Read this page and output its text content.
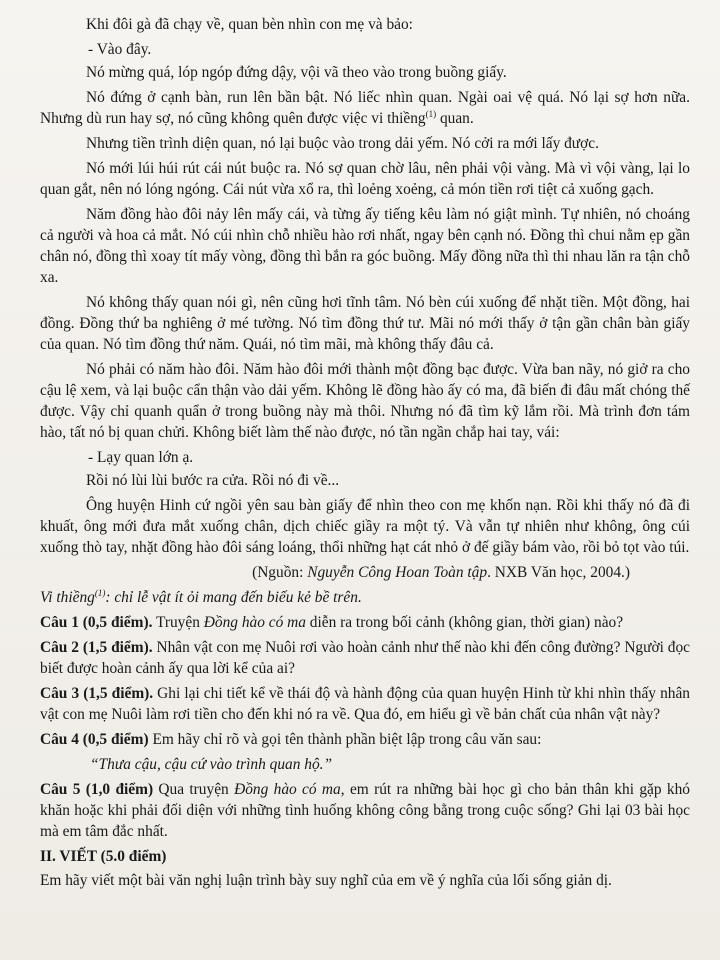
Khi đôi gà đã chạy về, quan bèn nhìn con mẹ và bảo:

- Vào đây.

Nó mừng quá, lóp ngóp đứng dậy, vội vã theo vào trong buồng giấy.

Nó đứng ở cạnh bàn, run lên bần bật. Nó liếc nhìn quan. Ngài oai vệ quá. Nó lại sợ hơn nữa. Nhưng dù run hay sợ, nó cũng không quên được việc vi thiềng$^{(1)}$ quan.

Nhưng tiền trình diện quan, nó lại buộc vào trong dải yếm. Nó cởi ra mới lấy được.

Nó mới lúi húi rút cái nút buộc ra. Nó sợ quan chờ lâu, nên phải vội vàng. Mà vì vội vàng, lại lo quan gắt, nên nó lóng ngóng. Cái nút vừa xổ ra, thì loẻng xoẻng, cả món tiền rơi tiệt cả xuống gạch.

Năm đồng hào đôi nảy lên mấy cái, và từng ấy tiếng kêu làm nó giật mình. Tự nhiên, nó choáng cả người và hoa cả mắt. Nó cúi nhìn chỗ nhiều hào rơi nhất, ngay bên cạnh nó. Đồng thì chui nằm ẹp gần chân nó, đồng thì xoay tít mấy vòng, đồng thì bắn ra góc buồng. Mấy đồng nữa thì thi nhau lăn ra tận chỗ xa.

Nó không thấy quan nói gì, nên cũng hơi tĩnh tâm. Nó bèn cúi xuống để nhặt tiền. Một đồng, hai đồng. Đồng thứ ba nghiêng ở mé tường. Nó tìm đồng thứ tư. Mãi nó mới thấy ở tận gần chân bàn giấy của quan. Nó tìm đồng thứ năm. Quái, nó tìm mãi, mà không thấy đâu cả.

Nó phải có năm hào đôi. Năm hào đôi mới thành một đồng bạc được. Vừa ban nãy, nó giở ra cho cậu lệ xem, và lại buộc cẩn thận vào dải yếm. Không lẽ đồng hào ấy có ma, đã biến đi đâu mất chóng thế được. Vậy chỉ quanh quẩn ở trong buồng này mà thôi. Nhưng nó đã tìm kỹ lắm rồi. Mà trình đơn tám hào, tất nó bị quan chửi. Không biết làm thế nào được, nó tần ngần chắp hai tay, vái:

- Lạy quan lớn ạ.

Rồi nó lùi lùi bước ra cửa. Rồi nó đi về...

Ông huyện Hinh cứ ngồi yên sau bàn giấy để nhìn theo con mẹ khốn nạn. Rồi khi thấy nó đã đi khuất, ông mới đưa mắt xuống chân, dịch chiếc giầy ra một tý. Và vẫn tự nhiên như không, ông cúi xuống thò tay, nhặt đồng hào đôi sáng loáng, thổi những hạt cát nhỏ ở đế giầy bám vào, rồi bỏ tọt vào túi.

(Nguồn: Nguyễn Công Hoan Toàn tập. NXB Văn học, 2004.)

Vi thiềng$^{(1)}$: chỉ lễ vật ít ỏi mang đến biếu kẻ bề trên.

Câu 1 (0,5 điểm). Truyện Đồng hào có ma diễn ra trong bối cảnh (không gian, thời gian) nào?

Câu 2 (1,5 điểm). Nhân vật con mẹ Nuôi rơi vào hoàn cảnh như thế nào khi đến công đường? Người đọc biết được hoàn cảnh ấy qua lời kể của ai?

Câu 3 (1,5 điểm). Ghi lại chi tiết kể về thái độ và hành động của quan huyện Hinh từ khi nhìn thấy nhân vật con mẹ Nuôi làm rơi tiền cho đến khi nó ra về. Qua đó, em hiểu gì về bản chất của nhân vật này?

Câu 4 (0,5 điểm) Em hãy chỉ rõ và gọi tên thành phần biệt lập trong câu văn sau:

“Thưa cậu, cậu cứ vào trình quan hộ.”

Câu 5 (1,0 điểm) Qua truyện Đồng hào có ma, em rút ra những bài học gì cho bản thân khi gặp khó khăn hoặc khi phải đối diện với những tình huống không công bằng trong cuộc sống? Ghi lại 03 bài học mà em tâm đắc nhất.

II. VIẾT (5.0 điểm)

Em hãy viết một bài văn nghị luận trình bày suy nghĩ của em về ý nghĩa của lối sống giản dị.
